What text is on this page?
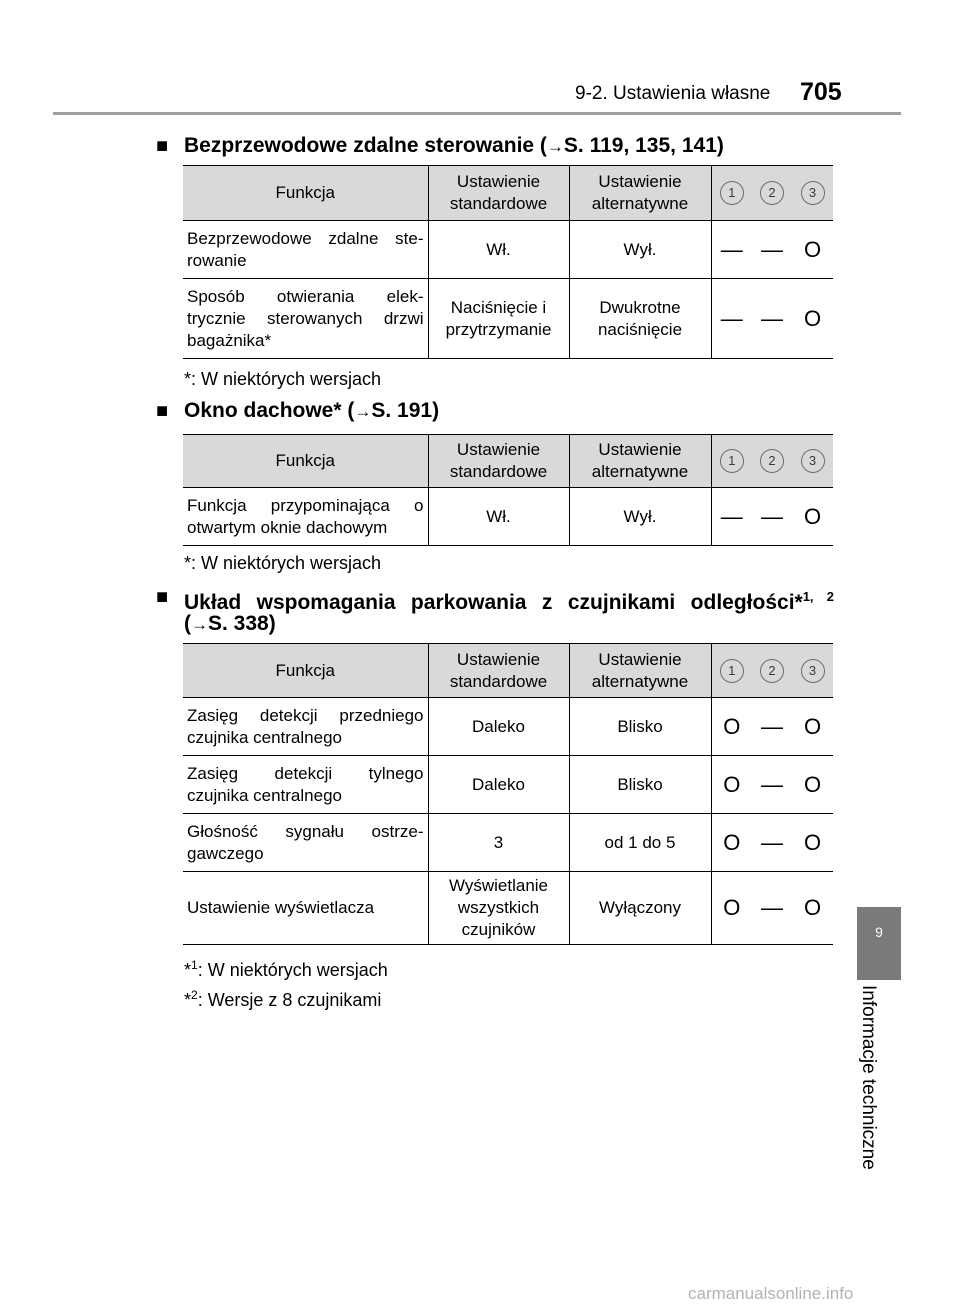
9-2. Ustawienia własne 705
9
Informacje techniczne
■ Bezprzewodowe zdalne sterowanie (→S. 119, 135, 141)
Funkcja	Ustawienie standardowe	Ustawienie alternatywne	1	2	3
Bezprzewodowe zdalne ste- rowanie	Wł.	Wył.	—	—	O
Sposób otwierania elek- trycznie sterowanych drzwi bagażnika*	Naciśnięcie i przytrzymanie	Dwukrotne naciśnięcie	—	—	O
*: W niektórych wersjach
■ Okno dachowe* (→S. 191)
Funkcja	Ustawienie standardowe	Ustawienie alternatywne	1	2	3
Funkcja przypominająca o otwartym oknie dachowym	Wł.	Wył.	—	—	O
*: W niektórych wersjach
■ Układ wspomagania parkowania z czujnikami odległości*$^{1, 2}$
(→S. 338)
Funkcja	Ustawienie standardowe	Ustawienie alternatywne	1	2	3
Zasięg detekcji przedniego czujnika centralnego	Daleko	Blisko	O	—	O
Zasięg detekcji tylnego czujnika centralnego	Daleko	Blisko	O	—	O
Głośność sygnału ostrze- gawczego	3	od 1 do 5	O	—	O
Ustawienie wyświetlacza	Wyświetlanie wszystkich czujników	Wyłączony	O	—	O
*$^1$: W niektórych wersjach
*$^2$: Wersje z 8 czujnikami
carmanualsonline.info
